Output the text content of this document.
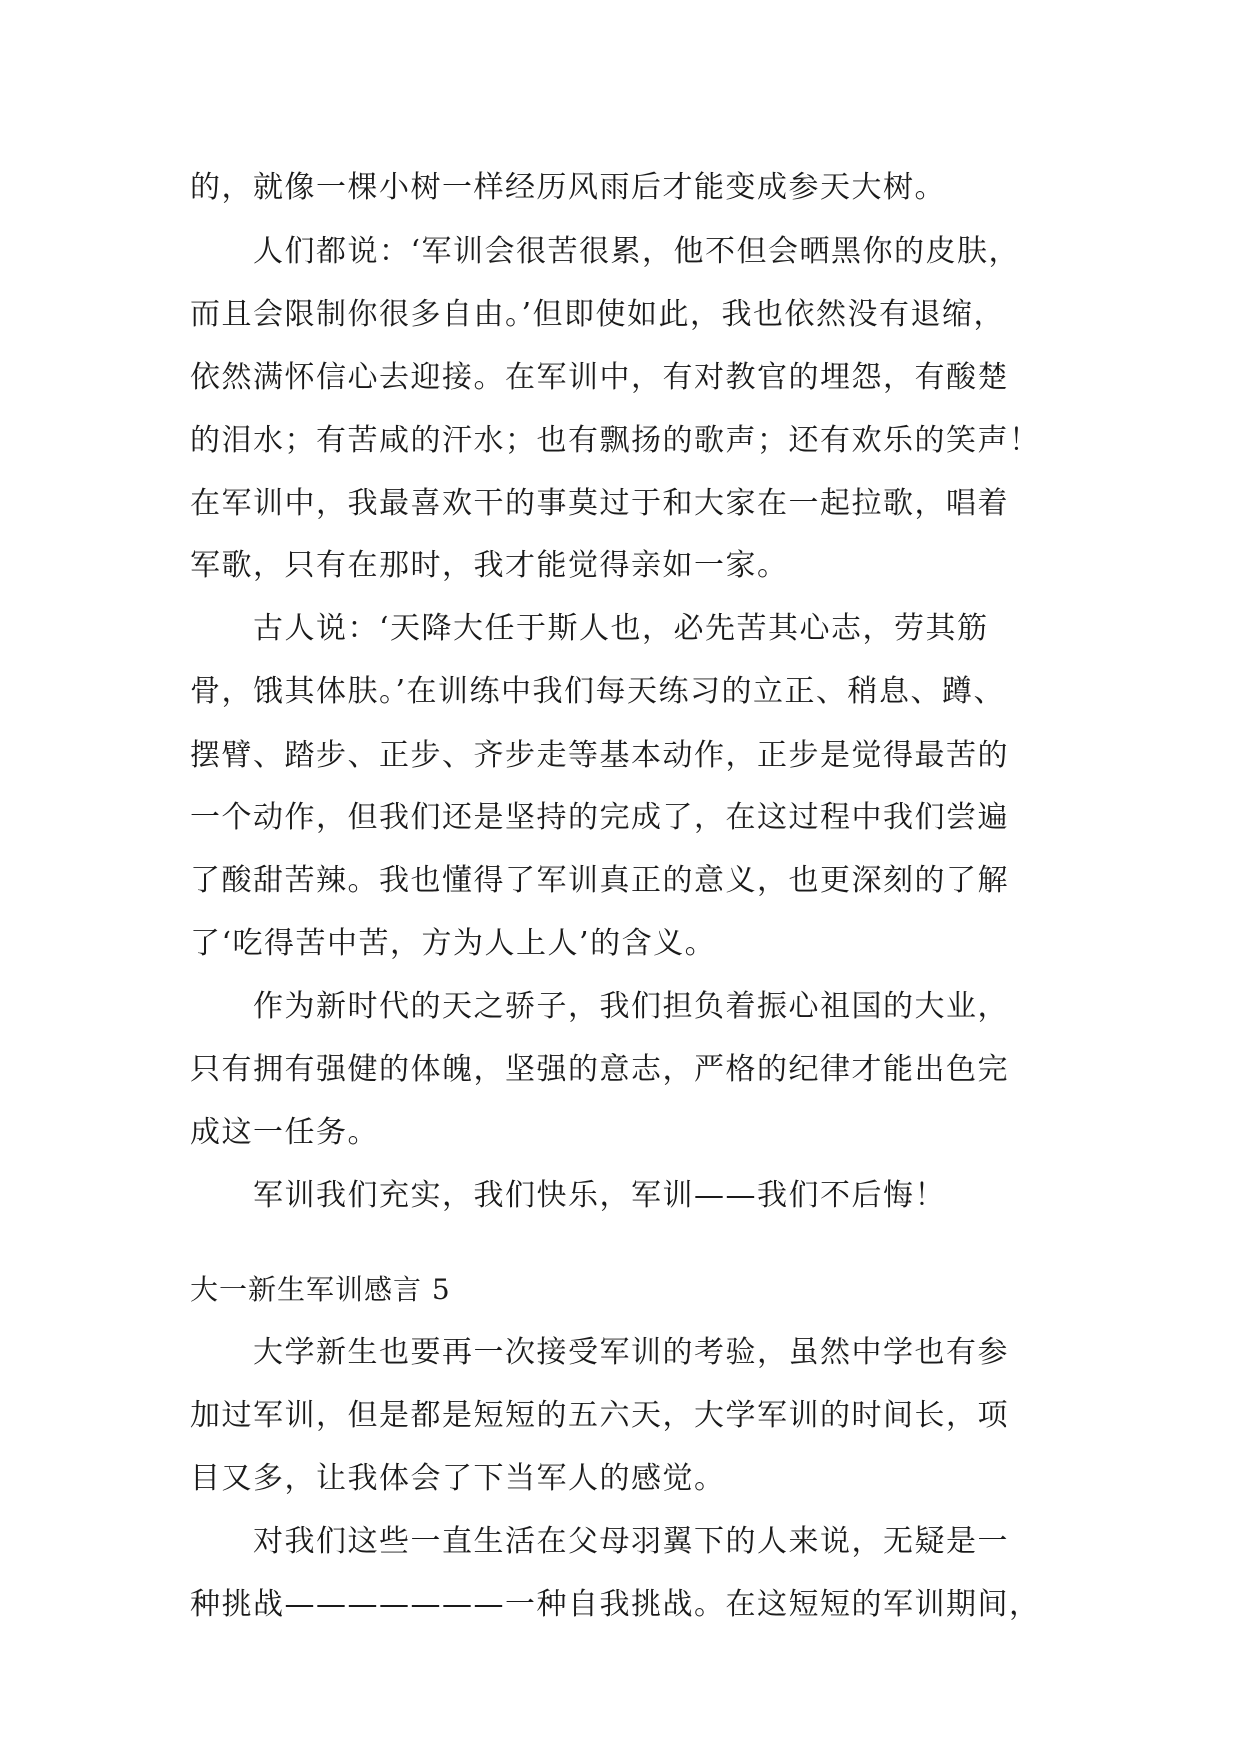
的，就像一棵小树一样经历风雨后才能变成参天大树。
人们都说：‘军训会很苦很累，他不但会晒黑你的皮肤，
而且会限制你很多自由。’但即使如此，我也依然没有退缩，
依然满怀信心去迎接。在军训中，有对教官的埋怨，有酸楚
的泪水；有苦咸的汗水；也有飘扬的歌声；还有欢乐的笑声！
在军训中，我最喜欢干的事莫过于和大家在一起拉歌，唱着
军歌，只有在那时，我才能觉得亲如一家。
古人说：‘天降大任于斯人也，必先苦其心志，劳其筋
骨，饿其体肤。’在训练中我们每天练习的立正、稍息、蹲、
摆臂、踏步、正步、齐步走等基本动作，正步是觉得最苦的
一个动作，但我们还是坚持的完成了，在这过程中我们尝遍
了酸甜苦辣。我也懂得了军训真正的意义，也更深刻的了解
了‘吃得苦中苦，方为人上人’的含义。
作为新时代的天之骄子，我们担负着振心祖国的大业，
只有拥有强健的体魄，坚强的意志，严格的纪律才能出色完
成这一任务。
军训我们充实，我们快乐，军训——我们不后悔！
大一新生军训感言 5
大学新生也要再一次接受军训的考验，虽然中学也有参
加过军训，但是都是短短的五六天，大学军训的时间长，项
目又多，让我体会了下当军人的感觉。
对我们这些一直生活在父母羽翼下的人来说，无疑是一
种挑战———————一种自我挑战。在这短短的军训期间，
